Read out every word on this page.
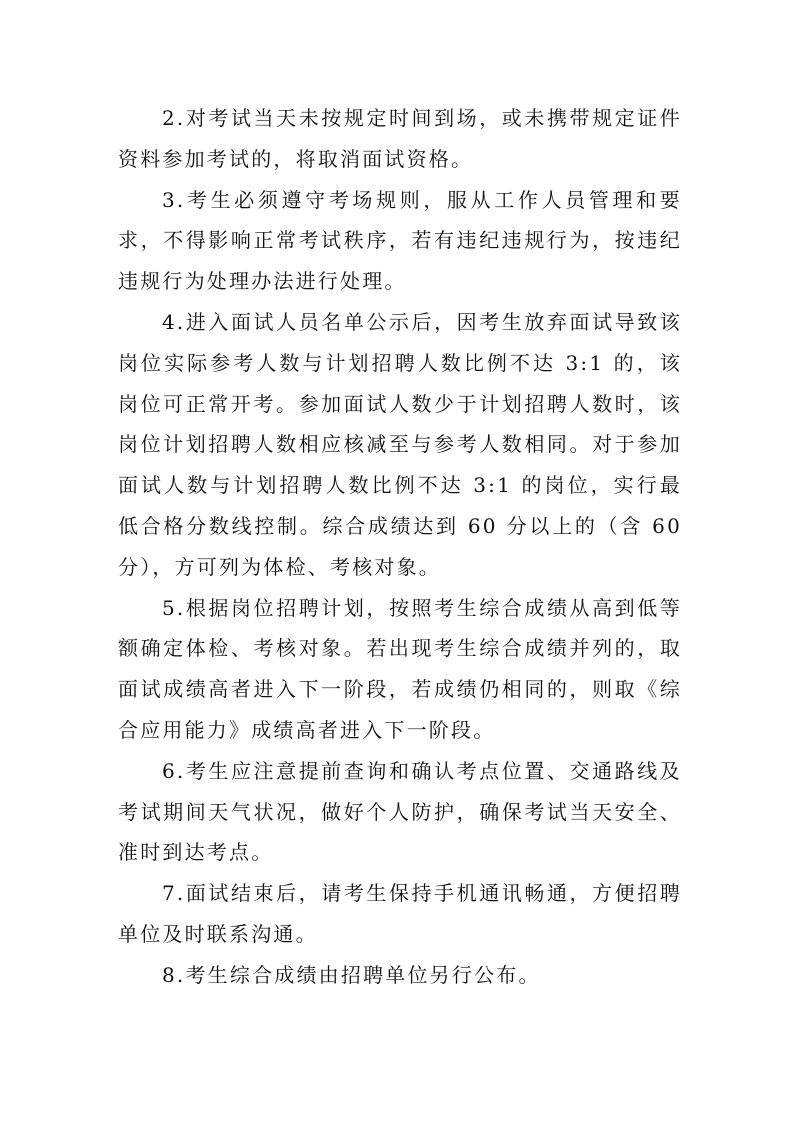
2.对考试当天未按规定时间到场，或未携带规定证件资料参加考试的，将取消面试资格。

3.考生必须遵守考场规则，服从工作人员管理和要求，不得影响正常考试秩序，若有违纪违规行为，按违纪违规行为处理办法进行处理。

4.进入面试人员名单公示后，因考生放弃面试导致该岗位实际参考人数与计划招聘人数比例不达 3:1 的，该岗位可正常开考。参加面试人数少于计划招聘人数时，该岗位计划招聘人数相应核减至与参考人数相同。对于参加面试人数与计划招聘人数比例不达 3:1 的岗位，实行最低合格分数线控制。综合成绩达到 60 分以上的（含 60 分），方可列为体检、考核对象。

5.根据岗位招聘计划，按照考生综合成绩从高到低等额确定体检、考核对象。若出现考生综合成绩并列的，取面试成绩高者进入下一阶段，若成绩仍相同的，则取《综合应用能力》成绩高者进入下一阶段。

6.考生应注意提前查询和确认考点位置、交通路线及考试期间天气状况，做好个人防护，确保考试当天安全、准时到达考点。

7.面试结束后，请考生保持手机通讯畅通，方便招聘单位及时联系沟通。

8.考生综合成绩由招聘单位另行公布。
